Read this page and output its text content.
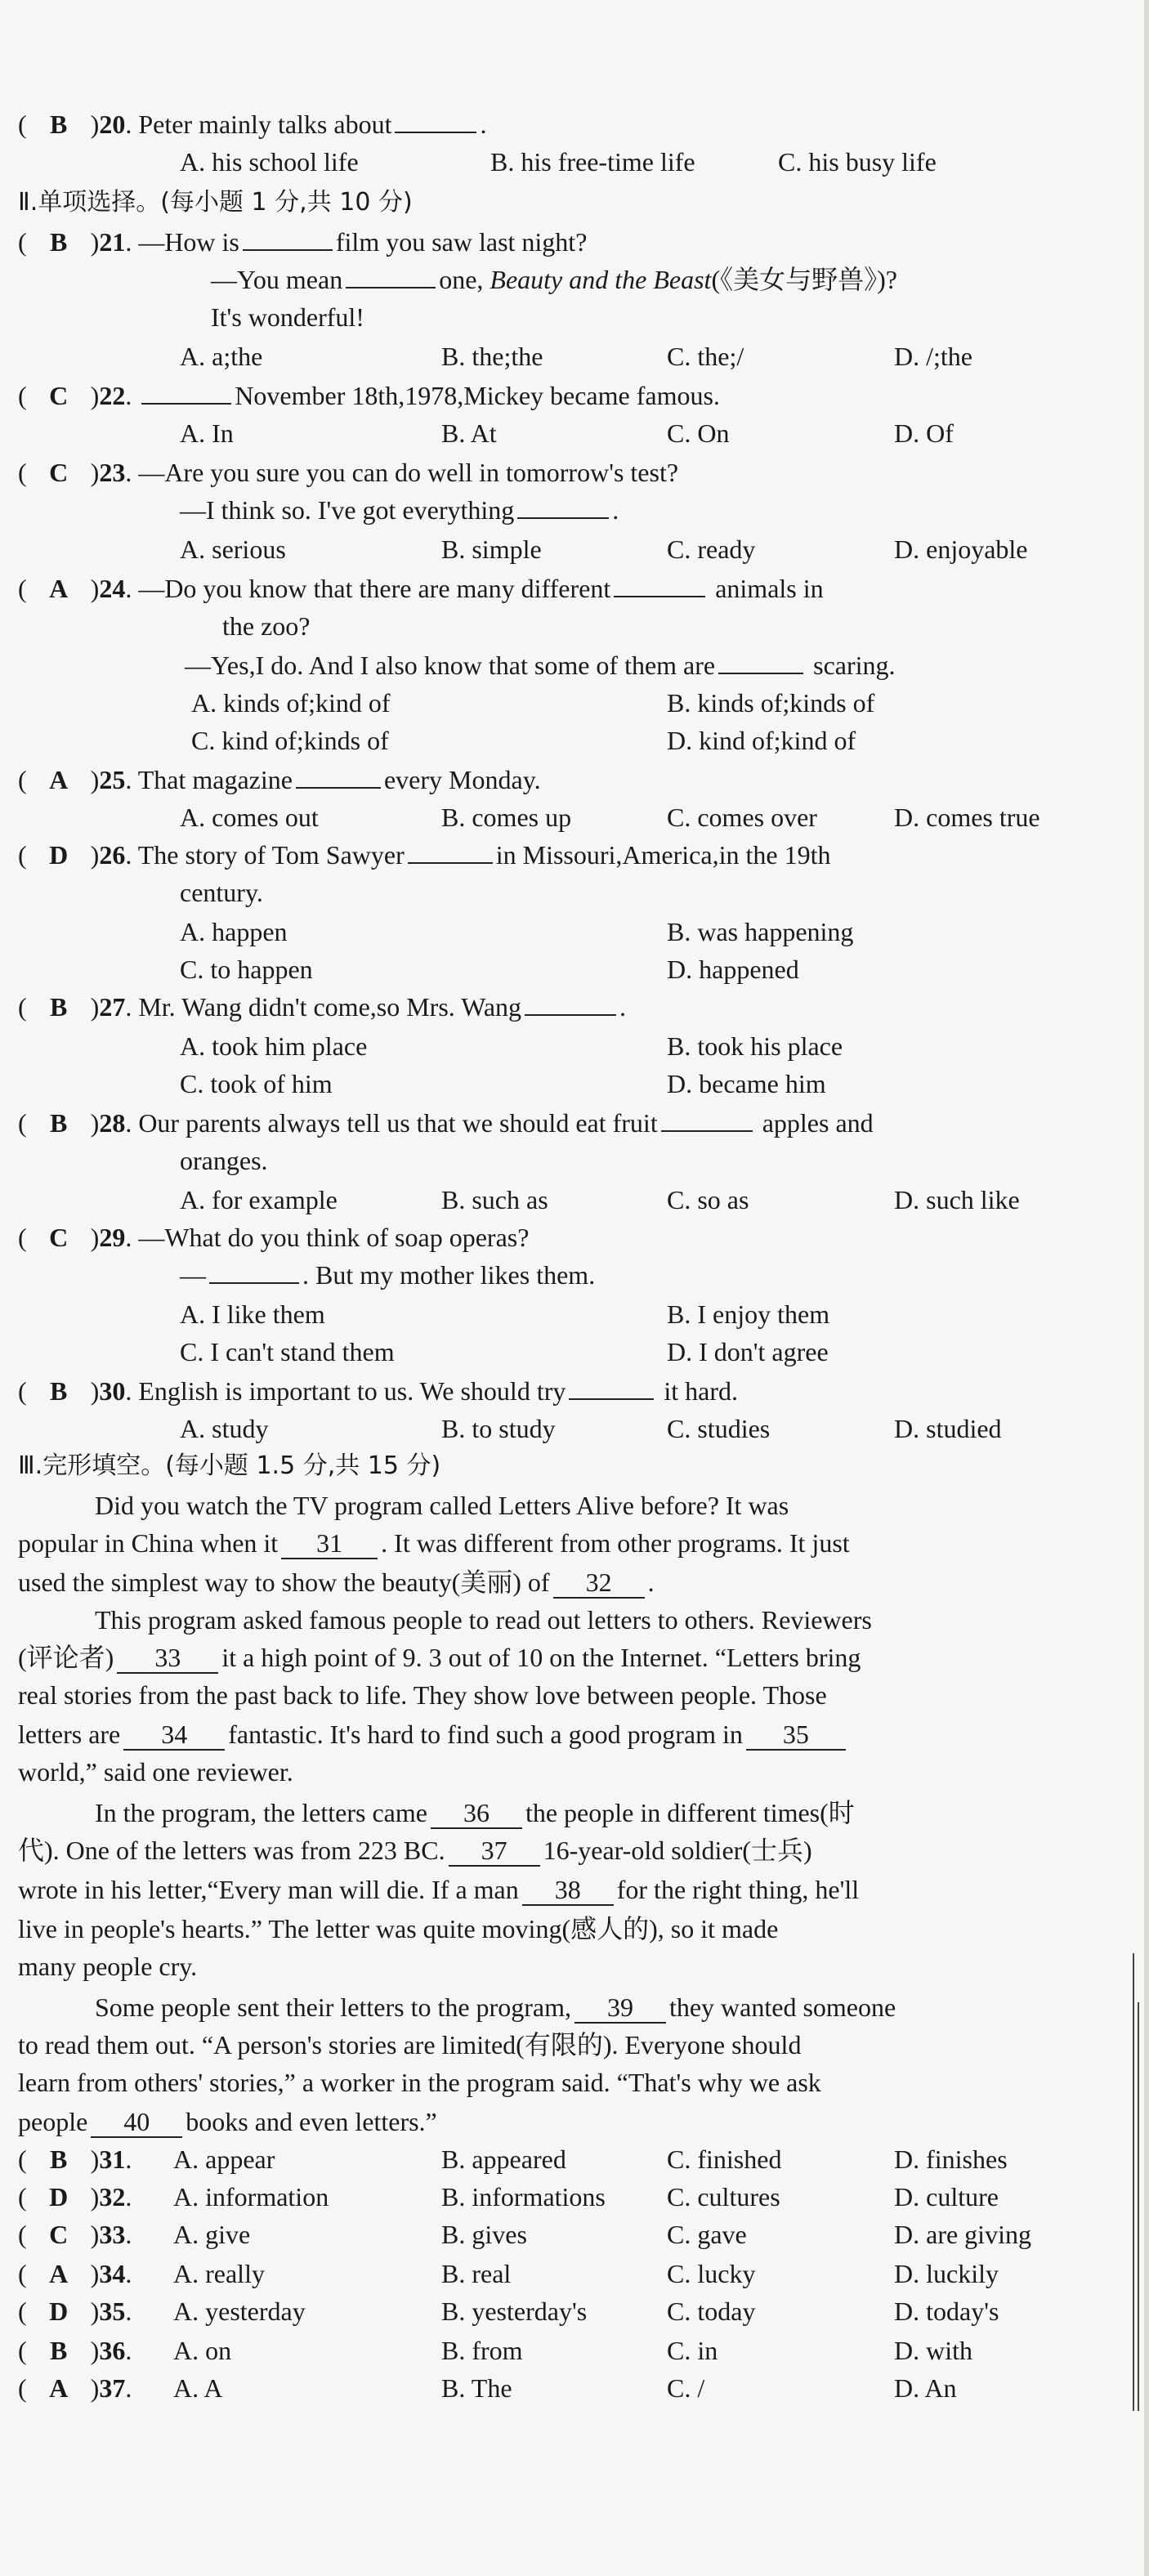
( B )20. Peter mainly talks about	.
A. his school life	B. his free-time life	C. his busy life
Ⅱ.单项选择。(每小题 1 分,共 10 分)
( B )21. —How is	film you saw last night?
—You mean	one, Beauty and the Beast(《美女与野兽》)?
It's wonderful!
A. a;the	B. the;the	C. the;/	D. /;the
( C )22.	November 18th,1978,Mickey became famous.
A. In	B. At	C. On	D. Of
( C )23. —Are you sure you can do well in tomorrow's test?
—I think so. I've got everything	.
A. serious	B. simple	C. ready	D. enjoyable
( A )24. —Do you know that there are many different	animals in
the zoo?
—Yes,I do. And I also know that some of them are	scaring.
A. kinds of;kind of	B. kinds of;kinds of
C. kind of;kinds of	D. kind of;kind of
( A )25. That magazine	every Monday.
A. comes out	B. comes up	C. comes over	D. comes true
( D )26. The story of Tom Sawyer	in Missouri,America,in the 19th
century.
A. happen	B. was happening
C. to happen	D. happened
( B )27. Mr. Wang didn't come,so Mrs. Wang	.
A. took him place	B. took his place
C. took of him	D. became him
( B )28. Our parents always tell us that we should eat fruit	apples and
oranges.
A. for example	B. such as	C. so as	D. such like
( C )29. —What do you think of soap operas?
—	. But my mother likes them.
A. I like them	B. I enjoy them
C. I can't stand them	D. I don't agree
( B )30. English is important to us. We should try	it hard.
A. study	B. to study	C. studies	D. studied
Ⅲ.完形填空。(每小题 1.5 分,共 15 分)
Did you watch the TV program called Letters Alive before? It was
popular in China when it 31 . It was different from other programs. It just
used the simplest way to show the beauty(美丽) of 32 .
This program asked famous people to read out letters to others. Reviewers
(评论者) 33 it a high point of 9. 3 out of 10 on the Internet. “Letters bring
real stories from the past back to life. They show love between people. Those
letters are 34 fantastic. It's hard to find such a good program in 35
world,” said one reviewer.
In the program, the letters came 36 the people in different times(时
代). One of the letters was from 223 BC. 37 16-year-old soldier(士兵)
wrote in his letter,“Every man will die. If a man 38 for the right thing, he'll
live in people's hearts.” The letter was quite moving(感人的), so it made
many people cry.
Some people sent their letters to the program, 39 they wanted someone
to read them out. “A person's stories are limited(有限的). Everyone should
learn from others' stories,” a worker in the program said. “That's why we ask
people 40 books and even letters.”
( B )31. A. appear	B. appeared	C. finished	D. finishes
( D )32. A. information	B. informations C. cultures	D. culture
( C )33. A. give	B. gives	C. gave	D. are giving
( A )34. A. really	B. real	C. lucky	D. luckily
( D )35. A. yesterday	B. yesterday's	C. today	D. today's
( B )36. A. on	B. from	C. in	D. with
( A )37. A. A	B. The	C. /	D. An
